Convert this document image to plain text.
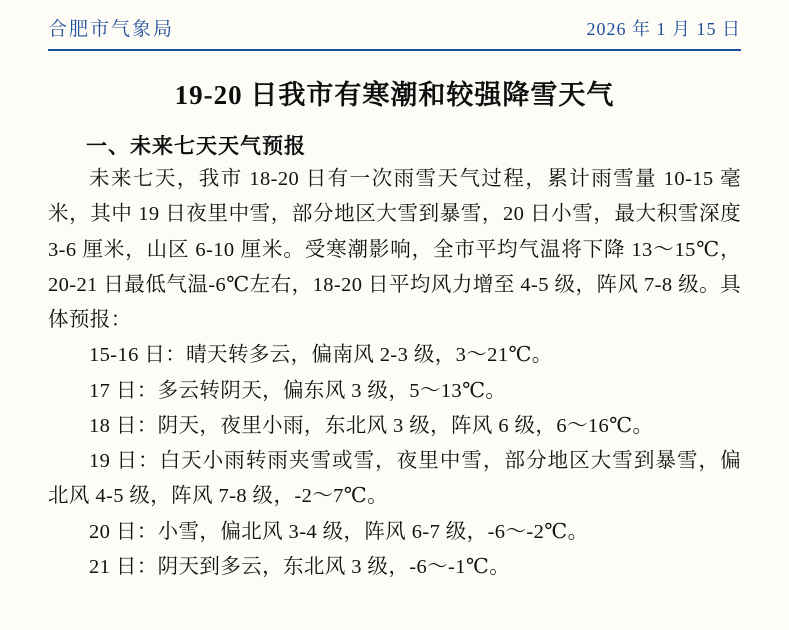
合肥市气象局	2026 年 1 月 15 日
19-20 日我市有寒潮和较强降雪天气
一、未来七天天气预报

未来七天，我市 18-20 日有一次雨雪天气过程，累计雨雪量 10-15 毫米，其中 19 日夜里中雪，部分地区大雪到暴雪，20 日小雪，最大积雪深度 3-6 厘米，山区 6-10 厘米。受寒潮影响，全市平均气温将下降 13～15℃，20-21 日最低气温-6℃左右，18-20 日平均风力增至 4-5 级，阵风 7-8 级。具体预报：

15-16 日：晴天转多云，偏南风 2-3 级，3～21℃。

17 日：多云转阴天，偏东风 3 级，5～13℃。

18 日：阴天，夜里小雨，东北风 3 级，阵风 6 级，6～16℃。

19 日：白天小雨转雨夹雪或雪，夜里中雪，部分地区大雪到暴雪，偏北风 4-5 级，阵风 7-8 级，-2～7℃。

20 日：小雪，偏北风 3-4 级，阵风 6-7 级，-6～-2℃。

21 日：阴天到多云，东北风 3 级，-6～-1℃。
